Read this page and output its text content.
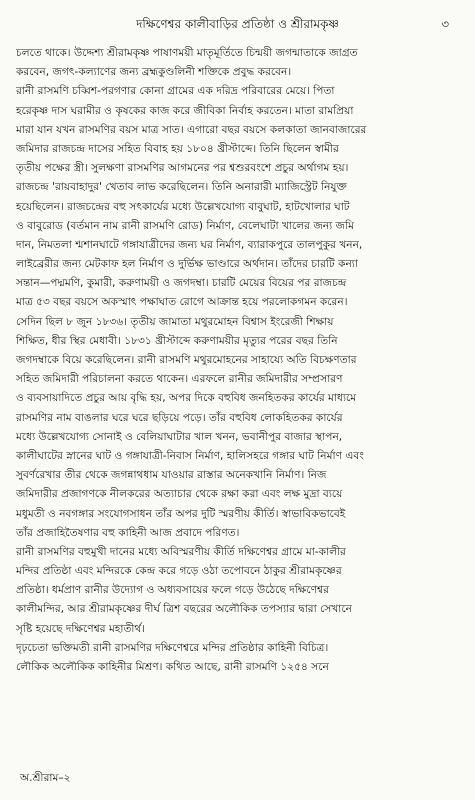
দক্ষিণেশ্বর কালীবাড়ির প্রতিষ্ঠা ও শ্রীরামকৃষ্ণ	৩
চলতে থাকে। উদ্দেশ্য শ্রীরামকৃষ্ণ পাষাণময়ী মাতৃমূর্তিতে চিন্ময়ী জগন্মাতাকে জাগ্রত
করবেন, জগৎ-কল্যাণের জন্য ব্রহ্মকুণ্ডলিনী শক্তিকে প্রবুদ্ধ করবেন।
রানী রাসমণি চব্বিশ-পরগণার কোনা গ্রামের এক দরিদ্র পরিবারের মেয়ে। পিতা
হরেকৃষ্ণ দাস ঘরামীর ও কৃষকের কাজ করে জীবিকা নির্বাহ করতেন। মাতা রামপ্রিয়া
মারা যান যখন রাসমণির বয়স মাত্র সাত। এগারো বছর বয়সে কলকাতা জানবাজারের
জমিদার রাজচন্দ্র দাসের সহিত বিবাহ হয় ১৮০৪ খ্রীস্টাব্দে। তিনি ছিলেন স্বামীর
তৃতীয় পক্ষের স্ত্রী। সুলক্ষণা রাসমণির আগমনের পর শ্বশুরবংশে প্রচুর অর্থাগম হয়।
রাজচন্দ্র 'রায়বাহাদুর' খেতাব লাভ করেছিলেন। তিনি অনারারী ম্যাজিস্ট্রেট নিযুক্ত
হয়েছিলেন। রাজচন্দ্রের বহু সৎকার্যের মধ্যে উল্লেখযোগ্য বাবুঘাট, হাটখোলার ঘাট
ও বাবুরোড (বর্তমান নাম রানী রাসমণি রোড) নির্মাণ, বেলেঘাটা খালের জন্য জমি
দান, নিমতলা শ্মশানঘাটে গঙ্গাযাত্রীদের জন্য ঘর নির্মাণ, ব্যারাকপুরে তালপুকুর খনন,
লাইব্রেরীর জন্য মেটকাফ হল নির্মাণ ও দুর্ভিক্ষ ভাণ্ডারে অর্থদান। তাঁদের চারটি কন্যা
সন্তান—পদ্মমণি, কুমারী, করুণাময়ী ও জগদম্বা। চারটি মেয়ের বিয়ের পর রাজচন্দ্র
মাত্র ৫৩ বছর বয়সে অকস্মাৎ পক্ষাঘাত রোগে আক্রান্ত হয়ে পরলোকগমন করেন।
সেদিন ছিল ৮ জুন ১৮৩৬। তৃতীয় জামাতা মথুরমোহন বিশ্বাস ইংরেজী শিক্ষায়
শিক্ষিত, ধীর স্থির মেধাবী। ১৮৩১ খ্রীস্টাব্দে করুণাময়ীর মৃত্যুর পরের বছর তিনি
জগদম্বাকে বিয়ে করেছিলেন। রানী রাসমণি মথুরমোহনের সাহায্যে অতি বিচক্ষণতার
সহিত জমিদারী পরিচালনা করতে থাকেন। এরফলে রানীর জমিদারীর সম্প্রসারণ
ও ব্যবসায়াদিতে প্রচুর আয় বৃদ্ধি হয়, অপর দিকে বহুবিধ জনহিতকর কার্যের মাধ্যমে
রাসমণির নাম বাঙলার ঘরে ঘরে ছড়িয়ে পড়ে। তাঁর বহুবিধ লোকহিতকর কার্যের
মধ্যে উল্লেখযোগ্য সোনাই ও বেলিয়াঘাটার খাল খনন, ভবানীপুর বাজার স্থাপন,
কালীঘাটের স্নানের ঘাট ও গঙ্গাযাত্রী-নিবাস নির্মাণ, হালিসহরে গঙ্গার ঘাট নির্মাণ এবং
সুবর্ণরেখার তীর থেকে জগন্নাথধাম যাওয়ার রাস্তার অনেকখানি নির্মাণ। নিজ
জমিদারীর প্রজাগণকে নীলকরের অত্যাচার থেকে রক্ষা করা এবং লক্ষ মুদ্রা ব্যয়ে
মধুমতী ও নবগঙ্গার সংযোগসাধন তাঁর অপর দুটি স্মরণীয় কীর্তি। স্বাভাবিকভাবেই
তাঁর প্রজাহিতৈষণার বহু কাহিনী আজ প্রবাদে পরিণত।
রানী রাসমণির বহুমুখী দানের মধ্যে অবিস্মরণীয় কীর্তি দক্ষিণেশ্বর গ্রামে মা-কালীর
মন্দির প্রতিষ্ঠা এবং মন্দিরকে কেন্দ্র করে গড়ে ওঠা তপোবনে ঠাকুর শ্রীরামকৃষ্ণের
প্রতিষ্ঠা। ধর্মপ্রাণ রানীর উদ্যোগ ও অধ্যবসায়ের ফলে গড়ে উঠেছে দক্ষিণেশ্বর
কালীমন্দির, আর শ্রীরামকৃষ্ণের দীর্ঘ ত্রিশ বছরের অলৌকিক তপস্যার দ্বারা সেখানে
সৃষ্টি হয়েছে দক্ষিণেশ্বর মহাতীর্থ।
দৃঢ়চেতা ভক্তিমতী রানী রাসমণির দক্ষিণেশ্বরে মন্দির প্রতিষ্ঠার কাহিনী বিচিত্র।
লৌকিক অলৌকিক কাহিনীর মিশ্রণ। কথিত আছে, রানী রাসমণি ১২৫৪ সনে
অ.শ্রীরাম–২
